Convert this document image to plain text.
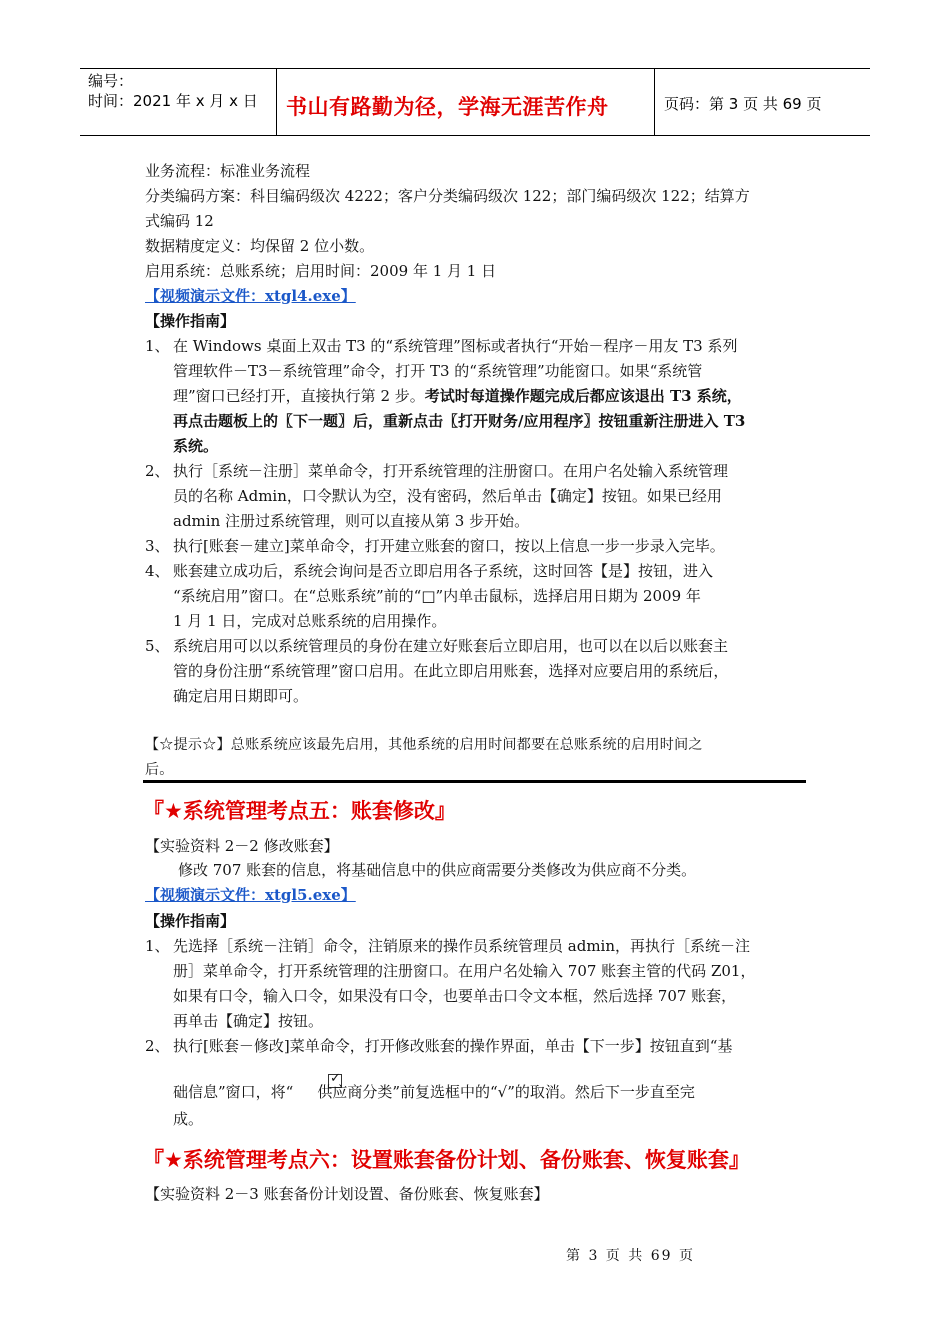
编号：
时间：2021 年 x 月 x 日 书山有路勤为径，学海无涯苦作舟	页码：第 3 页 共 69 页
业务流程：标准业务流程
分类编码方案：科目编码级次 4222；客户分类编码级次 122；部门编码级次 122；结算方
式编码 12
数据精度定义：均保留 2 位小数。
启用系统：总账系统；启用时间：2009 年 1 月 1 日
【视频演示文件：xtgl4.exe】
【操作指南】
1、 在 Windows 桌面上双击 T3 的“系统管理”图标或者执行“开始－程序－用友 T3 系列
管理软件－T3－系统管理”命令，打开 T3 的“系统管理”功能窗口。如果“系统管
理”窗口已经打开，直接执行第 2 步。考试时每道操作题完成后都应该退出 T3 系统，
再点击题板上的〖下一题〗后，重新点击〖打开财务/应用程序〗按钮重新注册进入 T3
系统。
2、 执行［系统－注册］菜单命令，打开系统管理的注册窗口。在用户名处输入系统管理
员的名称 Admin，口令默认为空，没有密码，然后单击【确定】按钮。如果已经用
admin 注册过系统管理，则可以直接从第 3 步开始。
3、 执行[账套－建立]菜单命令，打开建立账套的窗口，按以上信息一步一步录入完毕。
4、 账套建立成功后，系统会询问是否立即启用各子系统，这时回答【是】按钮，进入
“系统启用”窗口。在“总账系统”前的“□”内单击鼠标，选择启用日期为 2009 年
1 月 1 日，完成对总账系统的启用操作。
5、 系统启用可以以系统管理员的身份在建立好账套后立即启用，也可以在以后以账套主
管的身份注册“系统管理”窗口启用。在此立即启用账套，选择对应要启用的系统后，
确定启用日期即可。
【☆提示☆】总账系统应该最先启用，其他系统的启用时间都要在总账系统的启用时间之
后。
『★系统管理考点五：账套修改』
【实验资料 2－2 修改账套】
修改 707 账套的信息，将基础信息中的供应商需要分类修改为供应商不分类。
【视频演示文件：xtgl5.exe】
【操作指南】
1、 先选择［系统－注销］命令，注销原来的操作员系统管理员 admin，再执行［系统－注
册］菜单命令，打开系统管理的注册窗口。在用户名处输入 707 账套主管的代码 Z01，
如果有口令，输入口令，如果没有口令，也要单击口令文本框，然后选择 707 账套，
再单击【确定】按钮。
2、 执行[账套－修改]菜单命令，打开修改账套的操作界面，单击【下一步】按钮直到“基
✓
础信息”窗口，将“ 供应商分类”前复选框中的“√”的取消。然后下一步直至完
成。
『★系统管理考点六：设置账套备份计划、备份账套、恢复账套』
【实验资料 2－3 账套备份计划设置、备份账套、恢复账套】
第 3 页 共 69 页
